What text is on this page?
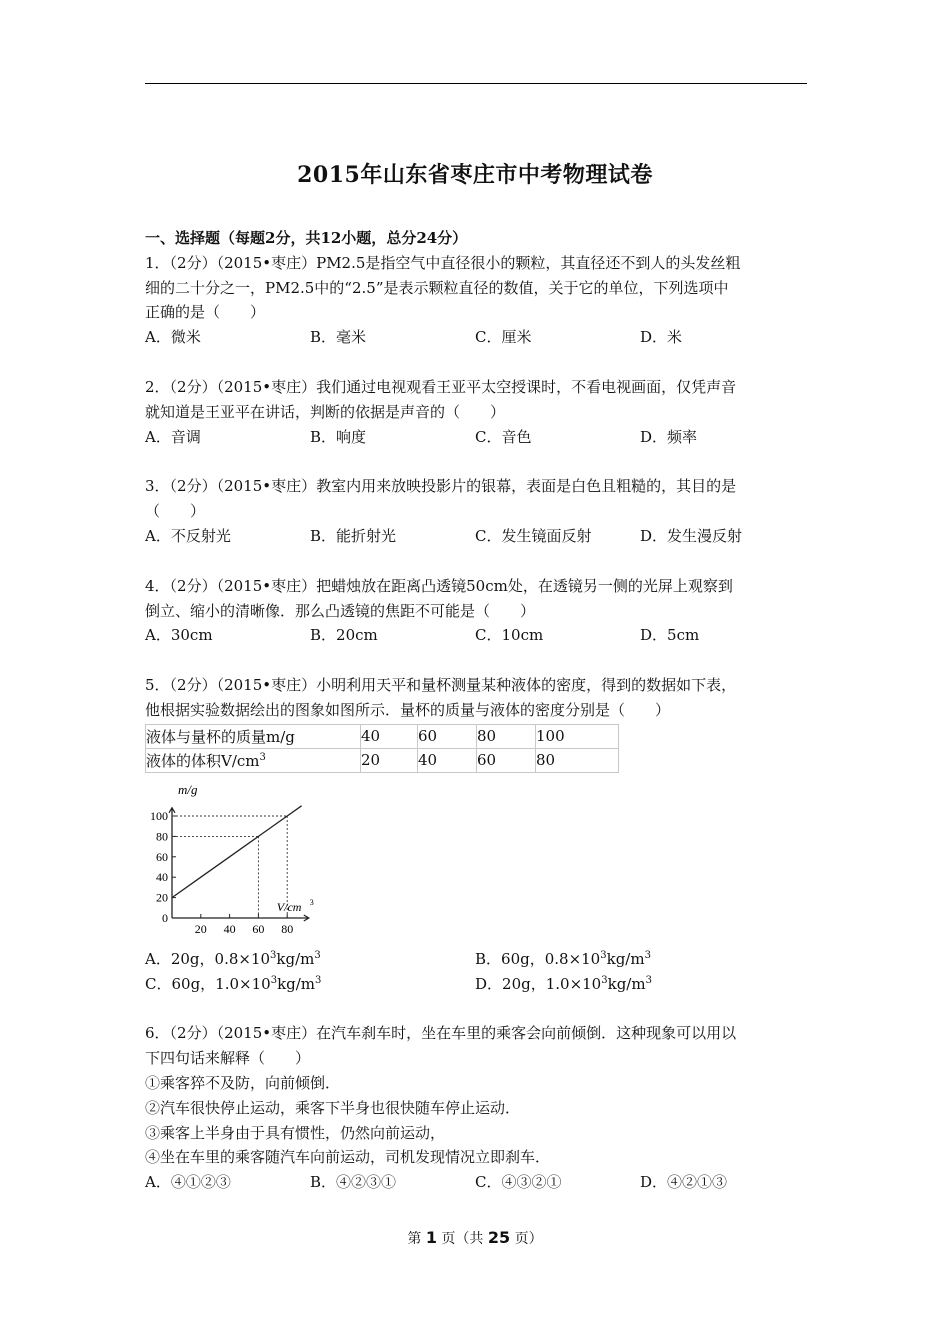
2015年山东省枣庄市中考物理试卷
一、选择题（每题2分，共12小题，总分24分）
1．（2分）（2015•枣庄）PM2.5是指空气中直径很小的颗粒，其直径还不到人的头发丝粗
细的二十分之一，PM2.5中的“2.5”是表示颗粒直径的数值，关于它的单位，下列选项中
正确的是（　　）
A．微米	B．毫米	C．厘米	D．米
2．（2分）（2015•枣庄）我们通过电视观看王亚平太空授课时，不看电视画面，仅凭声音
就知道是王亚平在讲话，判断的依据是声音的（　　）
A．音调	B．响度	C．音色	D．频率
3．（2分）（2015•枣庄）教室内用来放映投影片的银幕，表面是白色且粗糙的，其目的是
（　　）
A．不反射光	B．能折射光	C．发生镜面反射	D．发生漫反射
4．（2分）（2015•枣庄）把蜡烛放在距离凸透镜50cm处，在透镜另一侧的光屏上观察到
倒立、缩小的清晰像．那么凸透镜的焦距不可能是（　　）
A．30cm	B．20cm	C．10cm	D．5cm
5．（2分）（2015•枣庄）小明利用天平和量杯测量某种液体的密度，得到的数据如下表，
他根据实验数据绘出的图象如图所示．量杯的质量与液体的密度分别是（　　）
液体与量杯的质量m/g	40	60	80	100
液体的体积$V/cm^3$	20	40	60	80
0
20
40
60
80
100
20 40 60 80
m/g
V/cm 3
A．20g，$0.8\times 10^3kg/m^3$	B．60g，$0.8\times 10^3kg/m^3$
C．60g，$1.0\times 10^3kg/m^3$	D．20g，$1.0\times 10^3kg/m^3$
6．（2分）（2015•枣庄）在汽车刹车时，坐在车里的乘客会向前倾倒．这种现象可以用以
下四句话来解释（　　）
①乘客猝不及防，向前倾倒．
②汽车很快停止运动，乘客下半身也很快随车停止运动．
③乘客上半身由于具有惯性，仍然向前运动，
④坐在车里的乘客随汽车向前运动，司机发现情况立即刹车．
A．④①②③	B．④②③①	C．④③②①	D．④②①③
第 1 页（共 25 页）
